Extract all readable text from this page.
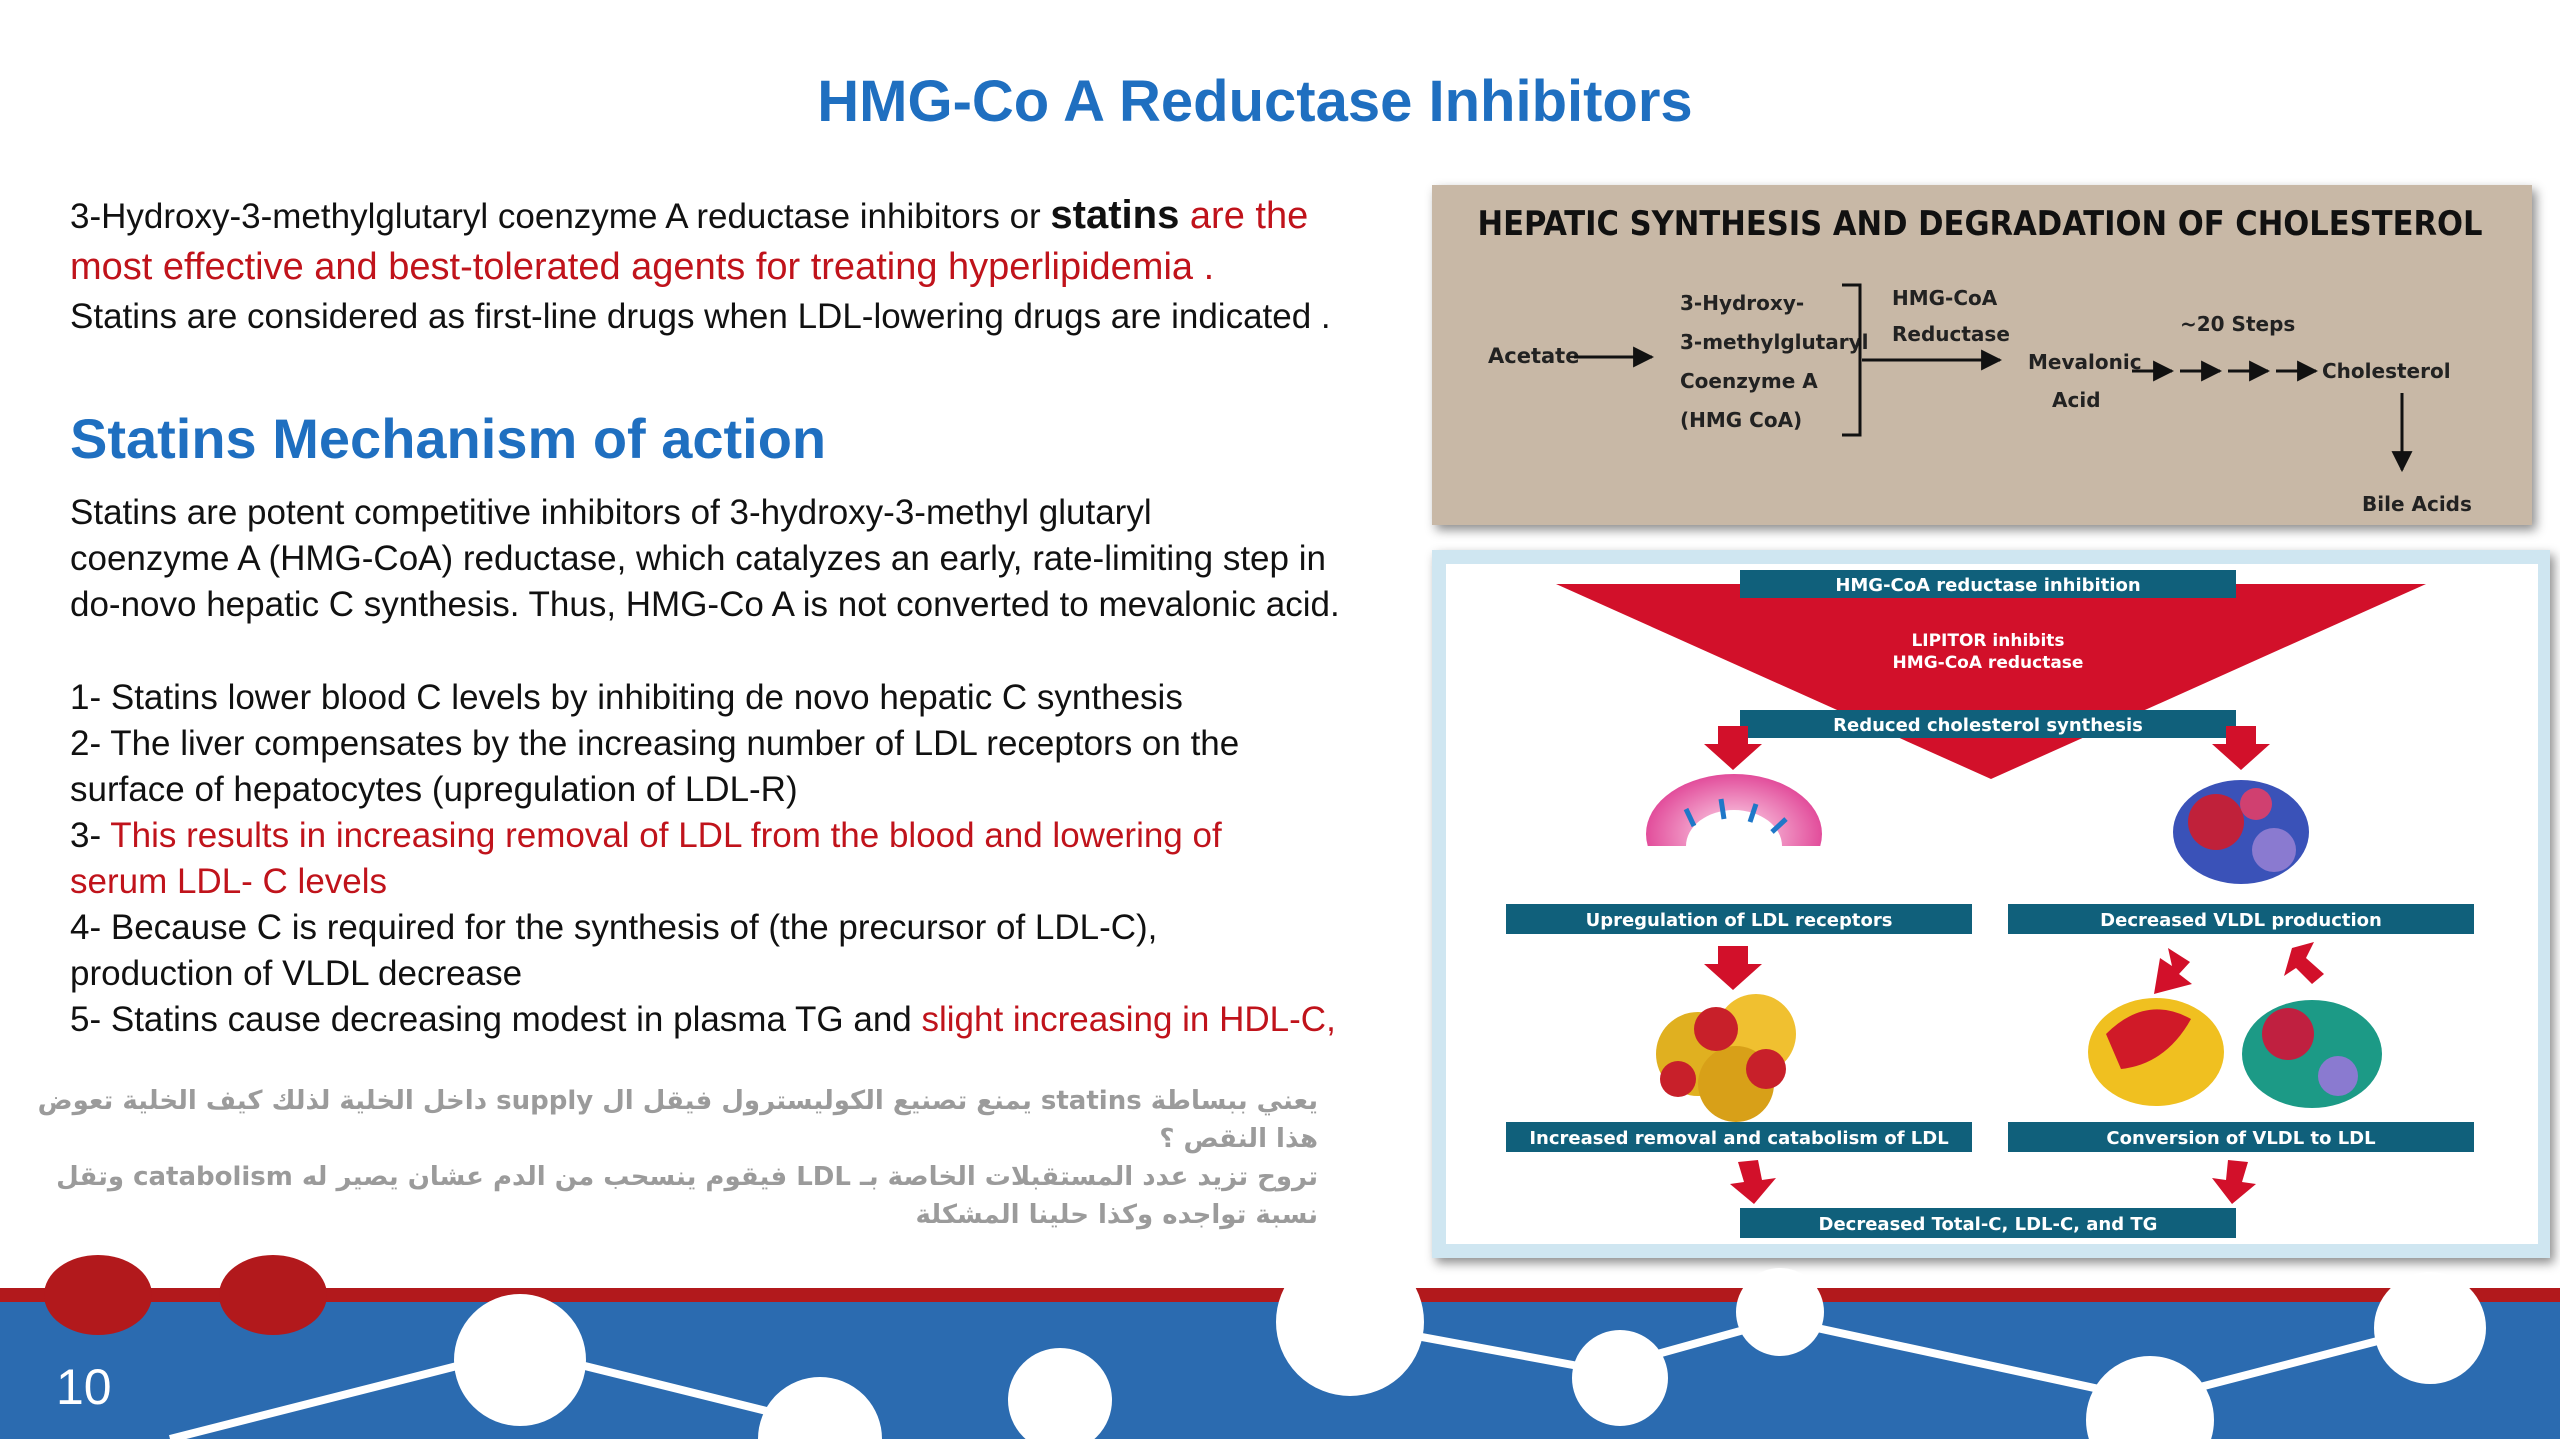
HMG-Co A Reductase Inhibitors
3-Hydroxy-3-methylglutaryl coenzyme A reductase inhibitors or statins are the
most effective and best-tolerated agents for treating hyperlipidemia .
Statins are considered as first-line drugs when LDL-lowering drugs are indicated .
Statins Mechanism of action
Statins are potent competitive inhibitors of 3-hydroxy-3-methyl glutaryl
coenzyme A (HMG-CoA) reductase, which catalyzes an early, rate-limiting step in
do-novo hepatic C synthesis. Thus, HMG-Co A is not converted to mevalonic acid.
1- Statins lower blood C levels by inhibiting de novo hepatic C synthesis
2- The liver compensates by the increasing number of LDL receptors on the
surface of hepatocytes (upregulation of LDL-R)
3- This results in increasing removal of LDL from the blood and lowering of
serum LDL- C levels
4- Because C is required for the synthesis of (the precursor of LDL-C),
production of VLDL decrease
5- Statins cause decreasing modest in plasma TG and slight increasing in HDL-C,
يعني ببساطة statins يمنع تصنيع الكوليسترول فيقل ال supply داخل الخلية لذلك كيف الخلية تعوض هذا النقص ؟
تروح تزيد عدد المستقبلات الخاصة بـ LDL فيقوم ينسحب من الدم عشان يصير له catabolism وتقل نسبة تواجده وكذا حلينا المشكلة
HEPATIC SYNTHESIS AND DEGRADATION OF CHOLESTEROL
Acetate
3-Hydroxy-
3-methylglutaryl
Coenzyme A
(HMG CoA)
HMG-CoA
Reductase
Mevalonic
Acid
~20 Steps
Cholesterol
Bile Acids
HMG-CoA reductase inhibition
LIPITOR inhibits
HMG-CoA reductase
Reduced cholesterol synthesis
Upregulation of LDL receptors	Decreased VLDL production
Increased removal and catabolism of LDL	Conversion of VLDL to LDL
Decreased Total-C, LDL-C, and TG
10
